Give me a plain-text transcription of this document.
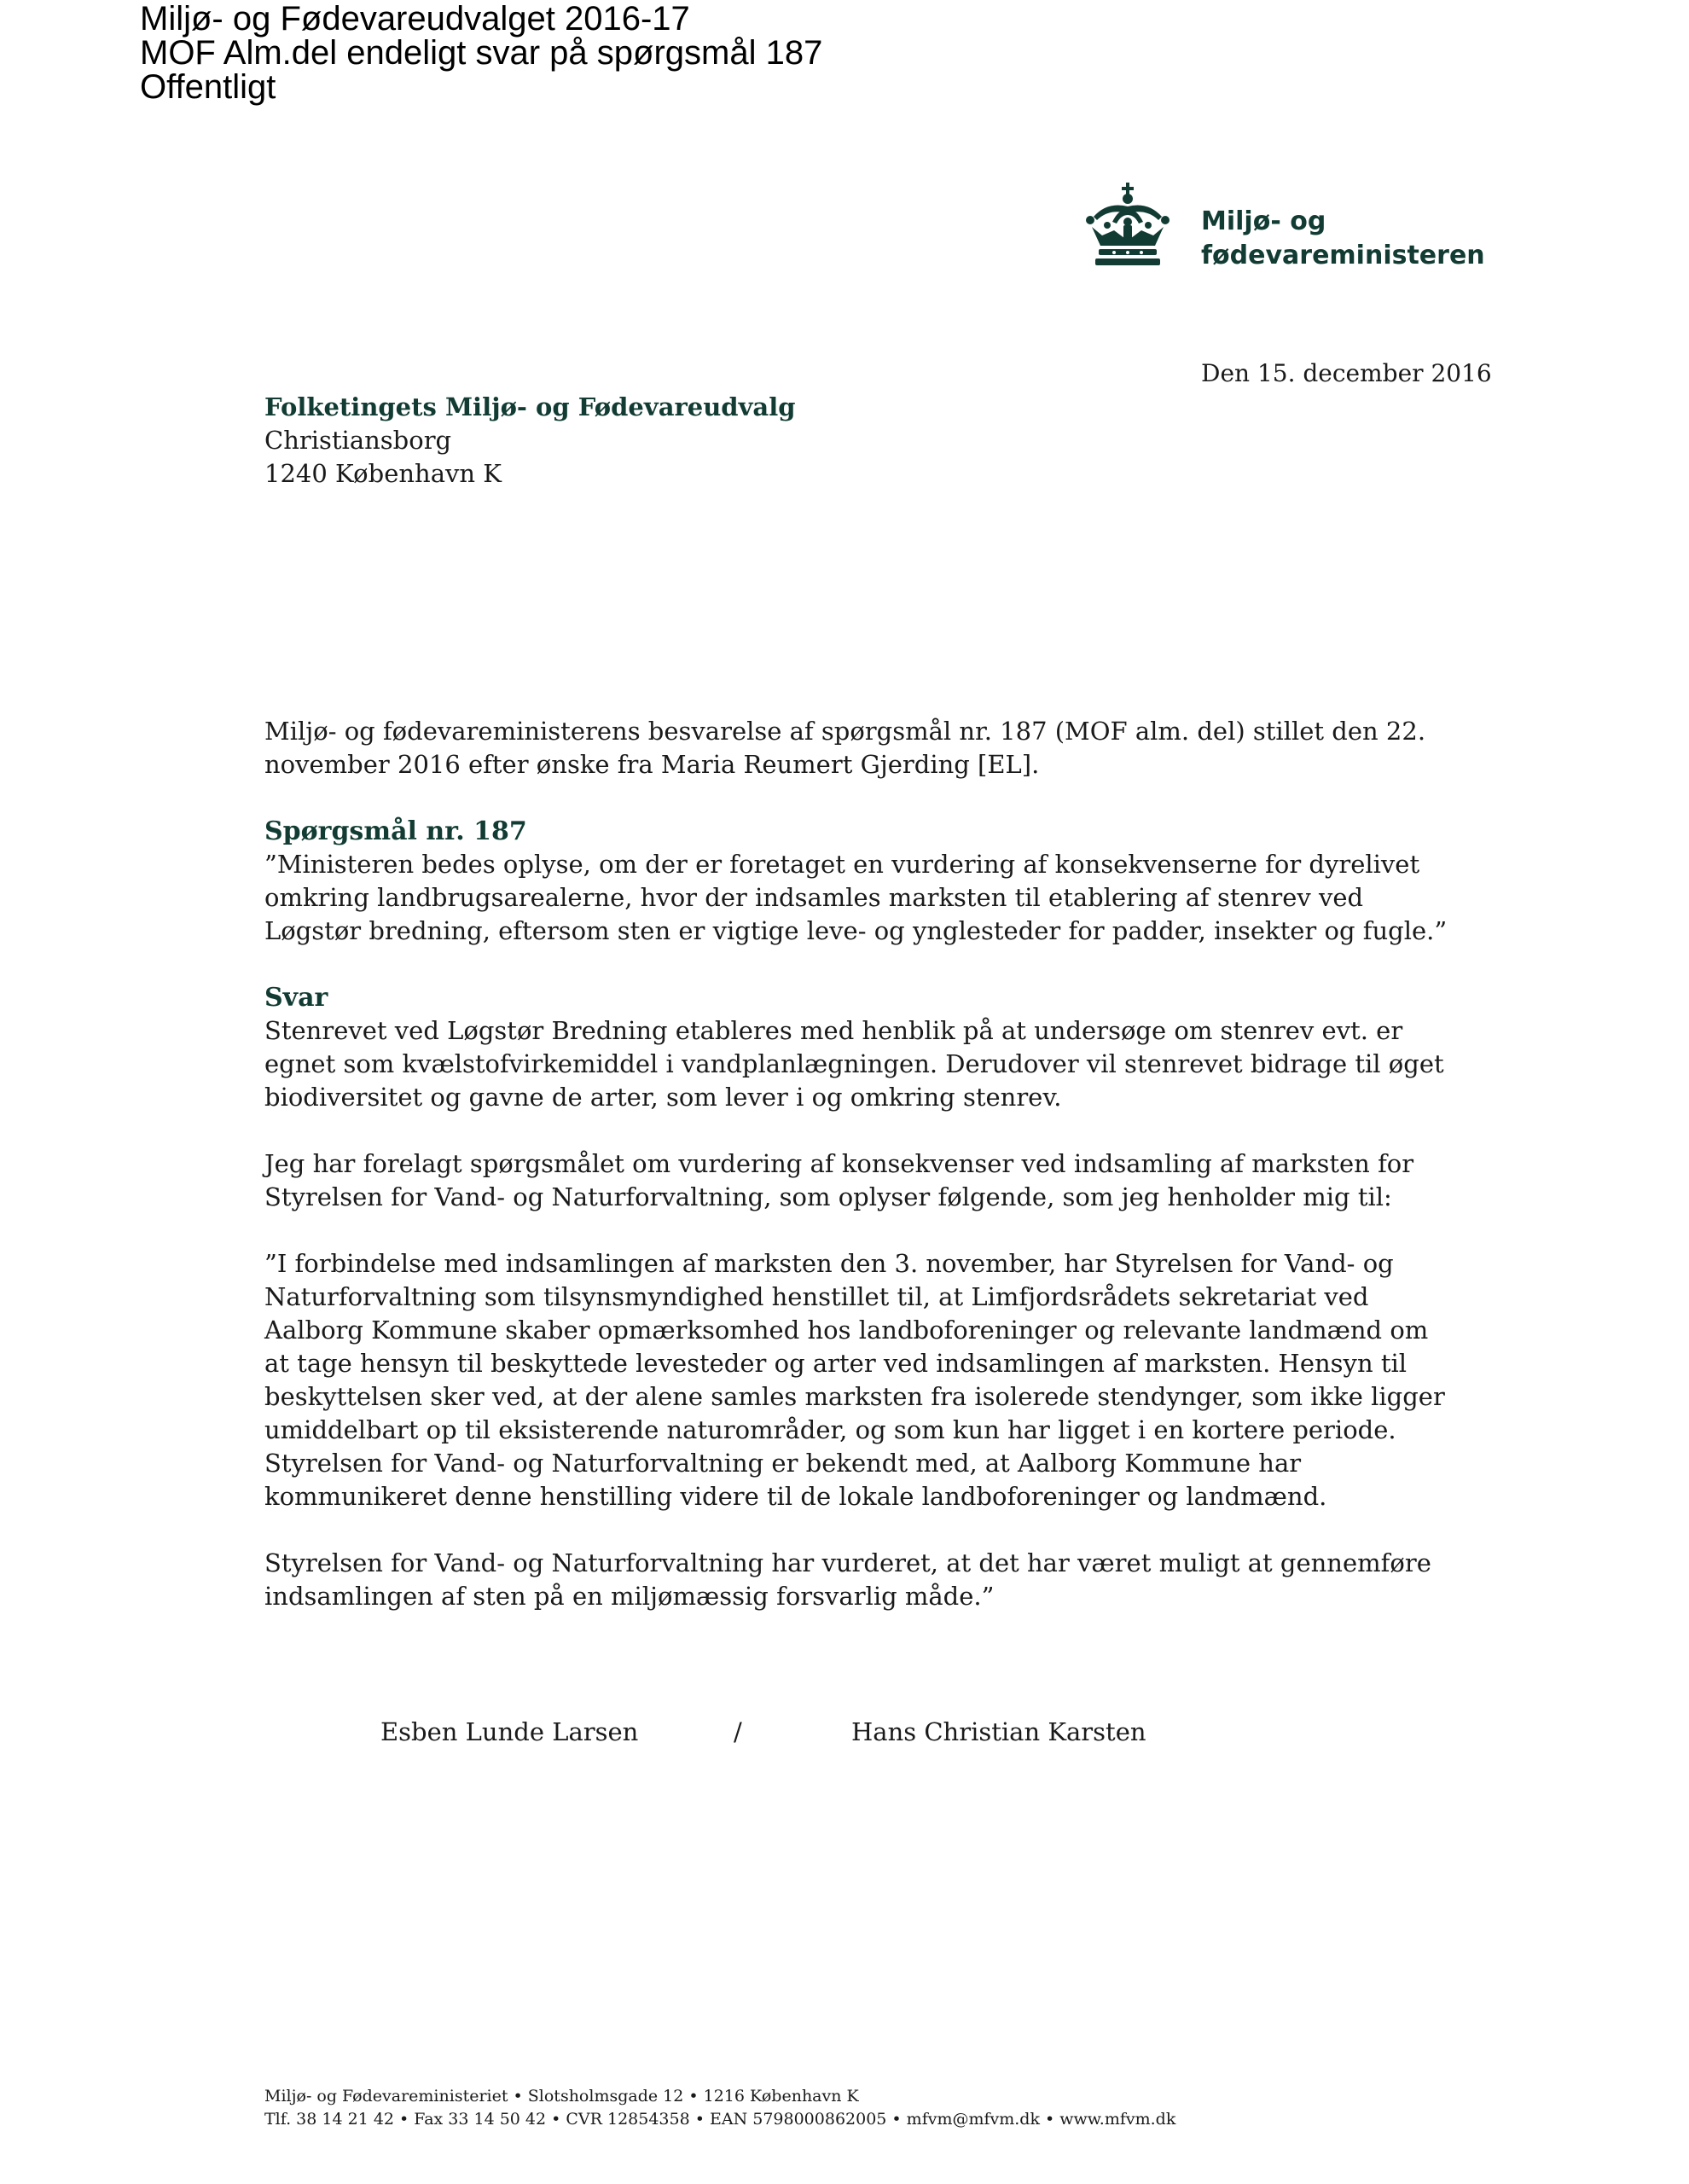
Miljø- og Fødevareudvalget 2016-17
MOF Alm.del endeligt svar på spørgsmål 187
Offentligt
Miljø- og
fødevareministeren
Den 15. december 2016
Folketingets Miljø- og Fødevareudvalg
Christiansborg
1240 København K

Miljø- og fødevareministerens besvarelse af spørgsmål nr. 187 (MOF alm. del) stillet den 22. november 2016 efter ønske fra Maria Reumert Gjerding [EL].

Spørgsmål nr. 187

”Ministeren bedes oplyse, om der er foretaget en vurdering af konsekvenserne for dyrelivet omkring landbrugsarealerne, hvor der indsamles marksten til etablering af stenrev ved Løgstør bredning, eftersom sten er vigtige leve- og ynglesteder for padder, insekter og fugle.”

Svar

Stenrevet ved Løgstør Bredning etableres med henblik på at undersøge om stenrev evt. er egnet som kvælstofvirkemiddel i vandplanlægningen. Derudover vil stenrevet bidrage til øget biodiversitet og gavne de arter, som lever i og omkring stenrev.

Jeg har forelagt spørgsmålet om vurdering af konsekvenser ved indsamling af marksten for Styrelsen for Vand- og Naturforvaltning, som oplyser følgende, som jeg henholder mig til:

”I forbindelse med indsamlingen af marksten den 3. november, har Styrelsen for Vand- og Naturforvaltning som tilsynsmyndighed henstillet til, at Limfjordsrådets sekretariat ved Aalborg Kommune skaber opmærksomhed hos landboforeninger og relevante landmænd om at tage hensyn til beskyttede levesteder og arter ved indsamlingen af marksten. Hensyn til beskyttelsen sker ved, at der alene samles marksten fra isolerede stendynger, som ikke ligger umiddelbart op til eksisterende naturområder, og som kun har ligget i en kortere periode. Styrelsen for Vand- og Naturforvaltning er bekendt med, at Aalborg Kommune har kommunikeret denne henstilling videre til de lokale landboforeninger og landmænd.

Styrelsen for Vand- og Naturforvaltning har vurderet, at det har været muligt at gennemføre indsamlingen af sten på en miljømæssig forsvarlig måde.”

Esben Lunde Larsen	/	Hans Christian Karsten
Miljø- og Fødevareministeriet • Slotsholmsgade 12 • 1216 København K
Tlf. 38 14 21 42 • Fax 33 14 50 42 • CVR 12854358 • EAN 5798000862005 • mfvm@mfvm.dk • www.mfvm.dk
